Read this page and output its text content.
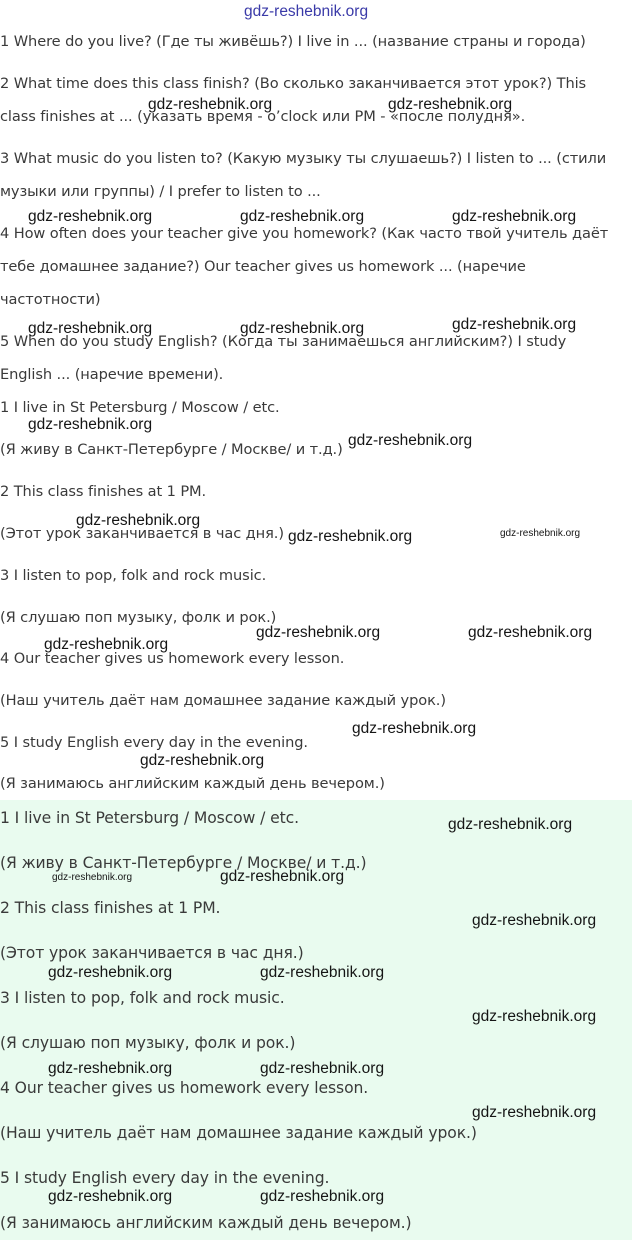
gdz-reshebnik.org

1 Where do you live? (Где ты живёшь?) I live in ... (название страны и города)

2 What time does this class finish? (Во сколько заканчивается этот урок?) This

class finishes at ... (указать время - o’clock или PM - «после полудня».

3 What music do you listen to? (Какую музыку ты слушаешь?) I listen to ... (стили

музыки или группы) / I prefer to listen to ...

4 How often does your teacher give you homework? (Как часто твой учитель даёт

тебе домашнее задание?) Our teacher gives us homework ... (наречие

частотности)

5 When do you study English? (Когда ты занимаешься английским?) I study

English ... (наречие времени).

1 I live in St Petersburg / Moscow / etc.

(Я живу в Санкт-Петербурге / Москве/ и т.д.)

2 This class finishes at 1 PM.

(Этот урок заканчивается в час дня.)

3 I listen to pop, folk and rock music.

(Я слушаю поп музыку, фолк и рок.)

4 Our teacher gives us homework every lesson.

(Наш учитель даёт нам домашнее задание каждый урок.)

5 I study English every day in the evening.

(Я занимаюсь английским каждый день вечером.)

1 I live in St Petersburg / Moscow / etc.

(Я живу в Санкт-Петербурге / Москве/ и т.д.)

2 This class finishes at 1 PM.

(Этот урок заканчивается в час дня.)

3 I listen to pop, folk and rock music.

(Я слушаю поп музыку, фолк и рок.)

4 Our teacher gives us homework every lesson.

(Наш учитель даёт нам домашнее задание каждый урок.)

5 I study English every day in the evening.

(Я занимаюсь английским каждый день вечером.)

gdz-reshebnik.org	gdz-reshebnik.org

gdz-reshebnik.org	gdz-reshebnik.org	gdz-reshebnik.org

gdz-reshebnik.org	gdz-reshebnik.org	gdz-reshebnik.org

gdz-reshebnik.org

gdz-reshebnik.org

gdz-reshebnik.org

gdz-reshebnik.org	gdz-reshebnik.org

gdz-reshebnik.org	gdz-reshebnik.org

gdz-reshebnik.org

gdz-reshebnik.org

gdz-reshebnik.org

gdz-reshebnik.org

gdz-reshebnik.org	gdz-reshebnik.org

gdz-reshebnik.org

gdz-reshebnik.org	gdz-reshebnik.org

gdz-reshebnik.org

gdz-reshebnik.org	gdz-reshebnik.org

gdz-reshebnik.org

gdz-reshebnik.org	gdz-reshebnik.org
